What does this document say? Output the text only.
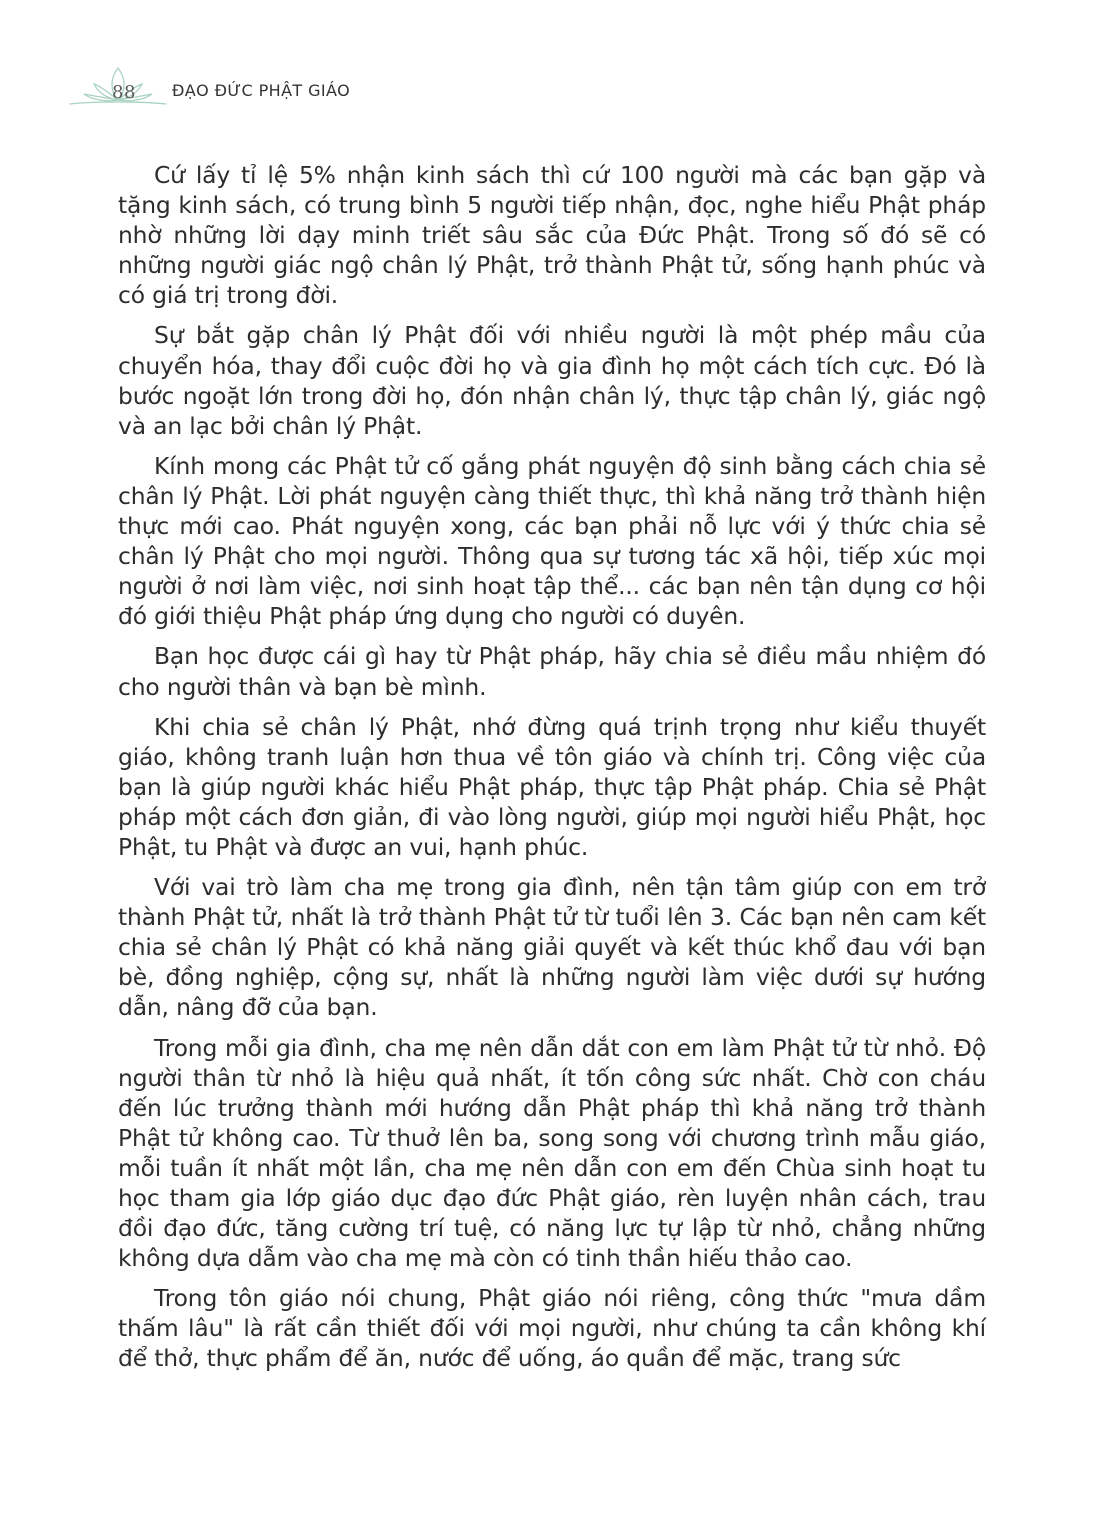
88 ĐẠO ĐỨC PHẬT GIÁO

Cứ lấy tỉ lệ 5% nhận kinh sách thì cứ 100 người mà các bạn gặp và tặng kinh sách, có trung bình 5 người tiếp nhận, đọc, nghe hiểu Phật pháp nhờ những lời dạy minh triết sâu sắc của Đức Phật. Trong số đó sẽ có những người giác ngộ chân lý Phật, trở thành Phật tử, sống hạnh phúc và có giá trị trong đời.

Sự bắt gặp chân lý Phật đối với nhiều người là một phép mầu của chuyển hóa, thay đổi cuộc đời họ và gia đình họ một cách tích cực. Đó là bước ngoặt lớn trong đời họ, đón nhận chân lý, thực tập chân lý, giác ngộ và an lạc bởi chân lý Phật.

Kính mong các Phật tử cố gắng phát nguyện độ sinh bằng cách chia sẻ chân lý Phật. Lời phát nguyện càng thiết thực, thì khả năng trở thành hiện thực mới cao. Phát nguyện xong, các bạn phải nỗ lực với ý thức chia sẻ chân lý Phật cho mọi người. Thông qua sự tương tác xã hội, tiếp xúc mọi người ở nơi làm việc, nơi sinh hoạt tập thể... các bạn nên tận dụng cơ hội đó giới thiệu Phật pháp ứng dụng cho người có duyên.

Bạn học được cái gì hay từ Phật pháp, hãy chia sẻ điều mầu nhiệm đó cho người thân và bạn bè mình.

Khi chia sẻ chân lý Phật, nhớ đừng quá trịnh trọng như kiểu thuyết giáo, không tranh luận hơn thua về tôn giáo và chính trị. Công việc của bạn là giúp người khác hiểu Phật pháp, thực tập Phật pháp. Chia sẻ Phật pháp một cách đơn giản, đi vào lòng người, giúp mọi người hiểu Phật, học Phật, tu Phật và được an vui, hạnh phúc.

Với vai trò làm cha mẹ trong gia đình, nên tận tâm giúp con em trở thành Phật tử, nhất là trở thành Phật tử từ tuổi lên 3. Các bạn nên cam kết chia sẻ chân lý Phật có khả năng giải quyết và kết thúc khổ đau với bạn bè, đồng nghiệp, cộng sự, nhất là những người làm việc dưới sự hướng dẫn, nâng đỡ của bạn.

Trong mỗi gia đình, cha mẹ nên dẫn dắt con em làm Phật tử từ nhỏ. Độ người thân từ nhỏ là hiệu quả nhất, ít tốn công sức nhất. Chờ con cháu đến lúc trưởng thành mới hướng dẫn Phật pháp thì khả năng trở thành Phật tử không cao. Từ thuở lên ba, song song với chương trình mẫu giáo, mỗi tuần ít nhất một lần, cha mẹ nên dẫn con em đến Chùa sinh hoạt tu học tham gia lớp giáo dục đạo đức Phật giáo, rèn luyện nhân cách, trau đồi đạo đức, tăng cường trí tuệ, có năng lực tự lập từ nhỏ, chẳng những không dựa dẫm vào cha mẹ mà còn có tinh thần hiếu thảo cao.

Trong tôn giáo nói chung, Phật giáo nói riêng, công thức "mưa dầm thấm lâu" là rất cần thiết đối với mọi người, như chúng ta cần không khí để thở, thực phẩm để ăn, nước để uống, áo quần để mặc, trang sức
